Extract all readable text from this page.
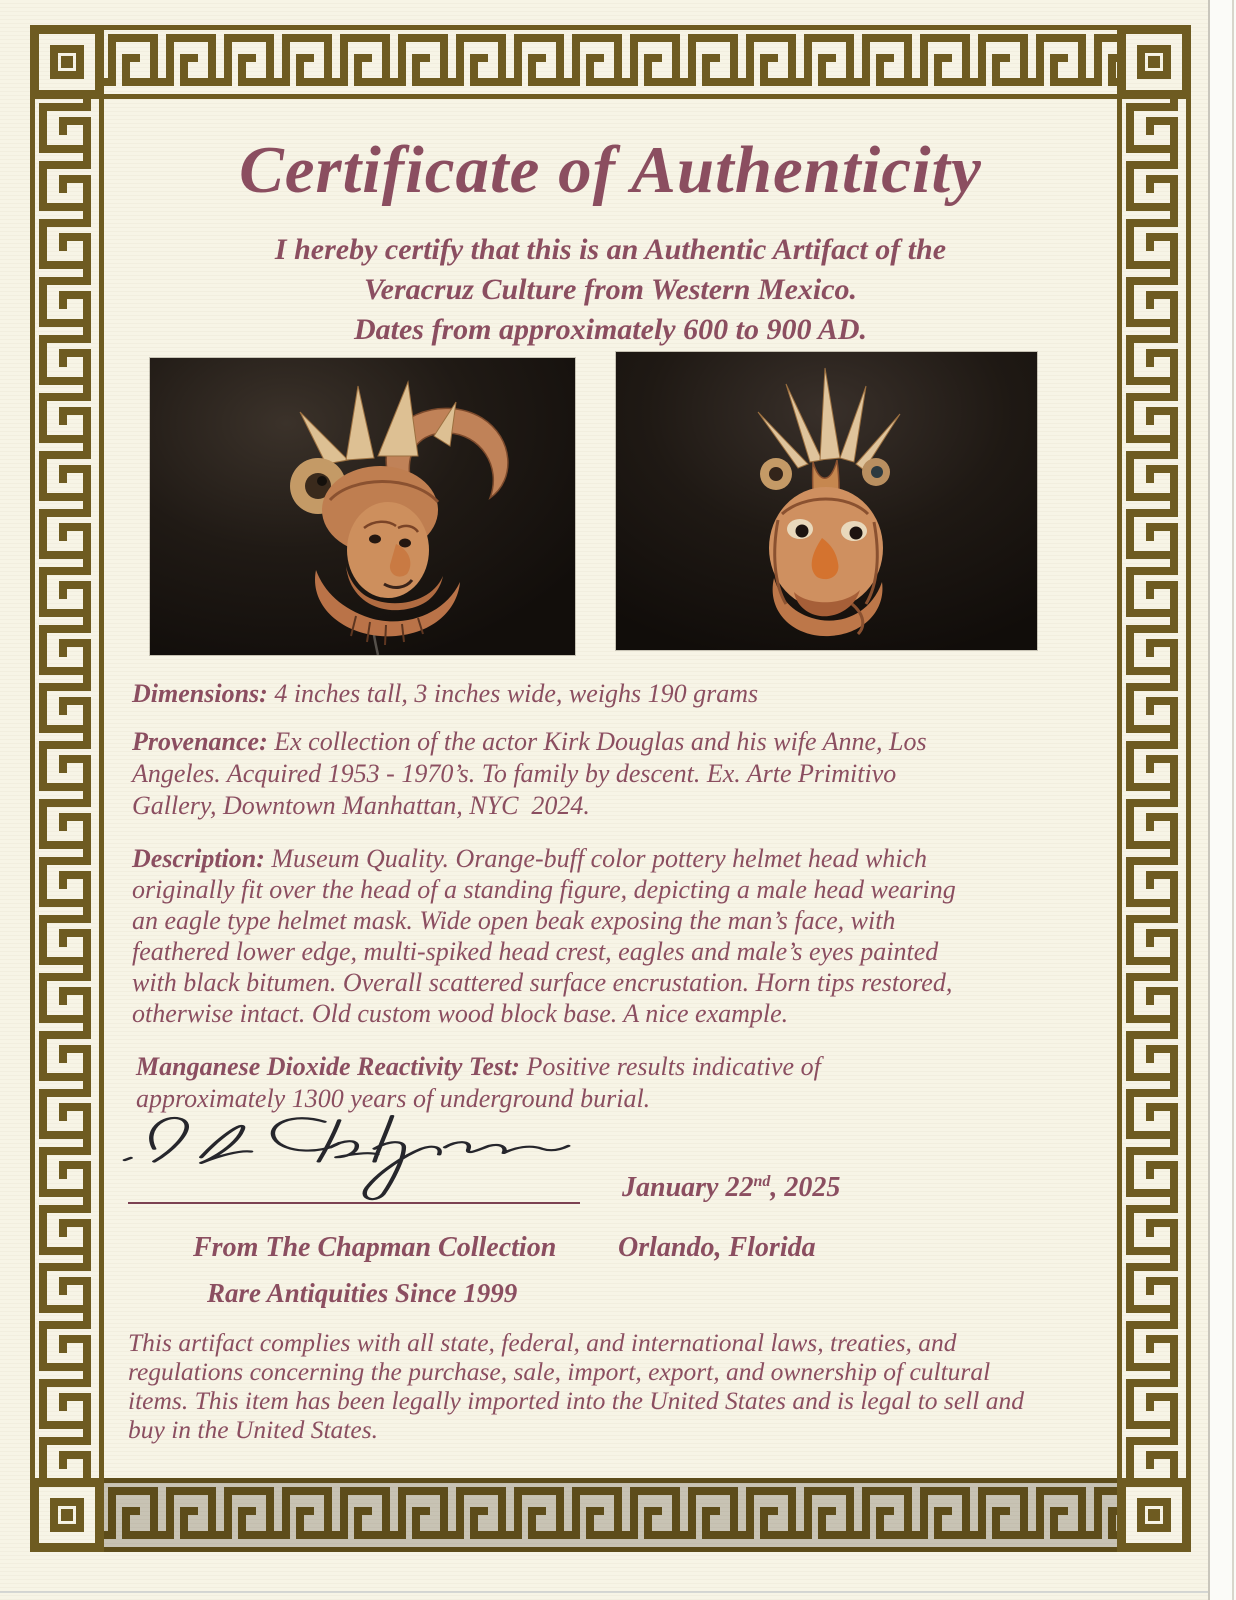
Certificate of Authenticity
I hereby certify that this is an Authentic Artifact of the
Veracruz Culture from Western Mexico.
Dates from approximately 600 to 900 AD.
Dimensions: 4 inches tall, 3 inches wide, weighs 190 grams
Provenance: Ex collection of the actor Kirk Douglas and his wife Anne, Los
Angeles. Acquired 1953 - 1970’s. To family by descent. Ex. Arte Primitivo
Gallery, Downtown Manhattan, NYC  2024.
Description: Museum Quality. Orange-buff color pottery helmet head which
originally fit over the head of a standing figure, depicting a male head wearing
an eagle type helmet mask. Wide open beak exposing the man’s face, with
feathered lower edge, multi-spiked head crest, eagles and male’s eyes painted
with black bitumen. Overall scattered surface encrustation. Horn tips restored,
otherwise intact. Old custom wood block base. A nice example.
Manganese Dioxide Reactivity Test: Positive results indicative of
approximately 1300 years of underground burial.
January 22nd, 2025
From The Chapman Collection Orlando, Florida
Rare Antiquities Since 1999
This artifact complies with all state, federal, and international laws, treaties, and
regulations concerning the purchase, sale, import, export, and ownership of cultural
items. This item has been legally imported into the United States and is legal to sell and
buy in the United States.
